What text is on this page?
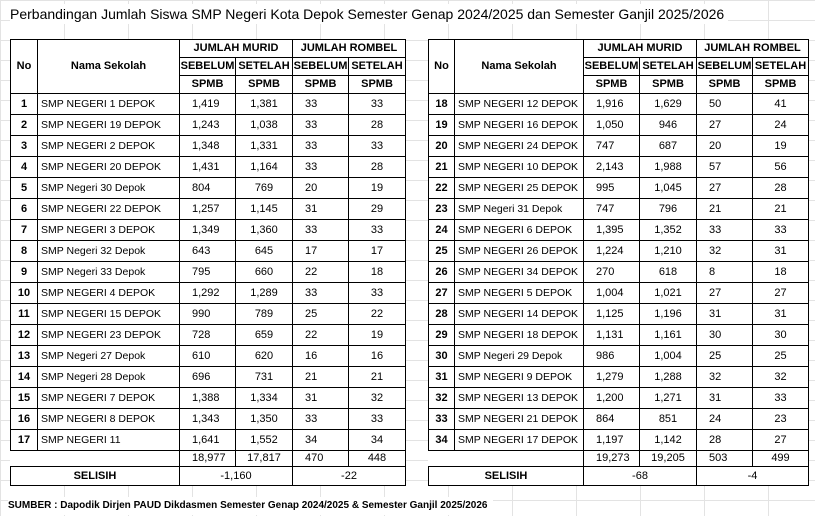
Perbandingan Jumlah Siswa SMP Negeri Kota Depok Semester Genap 2024/2025 dan Semester Ganjil 2025/2026
No	Nama Sekolah	JUMLAH MURID		JUMLAH ROMBEL	
		SEBELUM	SETELAH	SEBELUM	SETELAH
		SPMB	SPMB	SPMB	SPMB
1	SMP NEGERI 1 DEPOK	1,419	1,381	33	33
2	SMP NEGERI 19 DEPOK	1,243	1,038	33	28
3	SMP NEGERI 2 DEPOK	1,348	1,331	33	33
4	SMP NEGERI 20 DEPOK	1,431	1,164	33	28
5	SMP Negeri 30 Depok	804	769	20	19
6	SMP NEGERI 22 DEPOK	1,257	1,145	31	29
7	SMP NEGERI 3 DEPOK	1,349	1,360	33	33
8	SMP Negeri 32 Depok	643	645	17	17
9	SMP Negeri 33 Depok	795	660	22	18
10	SMP NEGERI 4 DEPOK	1,292	1,289	33	33
11	SMP NEGERI 15 DEPOK	990	789	25	22
12	SMP NEGERI 23 DEPOK	728	659	22	19
13	SMP Negeri 27 Depok	610	620	16	16
14	SMP Negeri 28 Depok	696	731	21	21
15	SMP NEGERI 7 DEPOK	1,388	1,334	31	32
16	SMP NEGERI 8 DEPOK	1,343	1,350	33	33
17	SMP NEGERI 11	1,641	1,552	34	34
		18,977	17,817	470	448
SELISIH		-1,160		-22	
No	Nama Sekolah	JUMLAH MURID		JUMLAH ROMBEL	
		SEBELUM	SETELAH	SEBELUM	SETELAH
		SPMB	SPMB	SPMB	SPMB
18	SMP NEGERI 12 DEPOK	1,916	1,629	50	41
19	SMP NEGERI 16 DEPOK	1,050	946	27	24
20	SMP NEGERI 24 DEPOK	747	687	20	19
21	SMP NEGERI 10 DEPOK	2,143	1,988	57	56
22	SMP NEGERI 25 DEPOK	995	1,045	27	28
23	SMP Negeri 31 Depok	747	796	21	21
24	SMP NEGERI 6 DEPOK	1,395	1,352	33	33
25	SMP NEGERI 26 DEPOK	1,224	1,210	32	31
26	SMP NEGERI 34 DEPOK	270	618	8	18
27	SMP NEGERI 5 DEPOK	1,004	1,021	27	27
28	SMP NEGERI 14 DEPOK	1,125	1,196	31	31
29	SMP NEGERI 18 DEPOK	1,131	1,161	30	30
30	SMP Negeri 29 Depok	986	1,004	25	25
31	SMP NEGERI 9 DEPOK	1,279	1,288	32	32
32	SMP NEGERI 13 DEPOK	1,200	1,271	31	33
33	SMP NEGERI 21 DEPOK	864	851	24	23
34	SMP NEGERI 17 DEPOK	1,197	1,142	28	27
		19,273	19,205	503	499
SELISIH		-68		-4	
SUMBER : Dapodik Dirjen PAUD Dikdasmen Semester Genap 2024/2025 & Semester Ganjil 2025/2026
